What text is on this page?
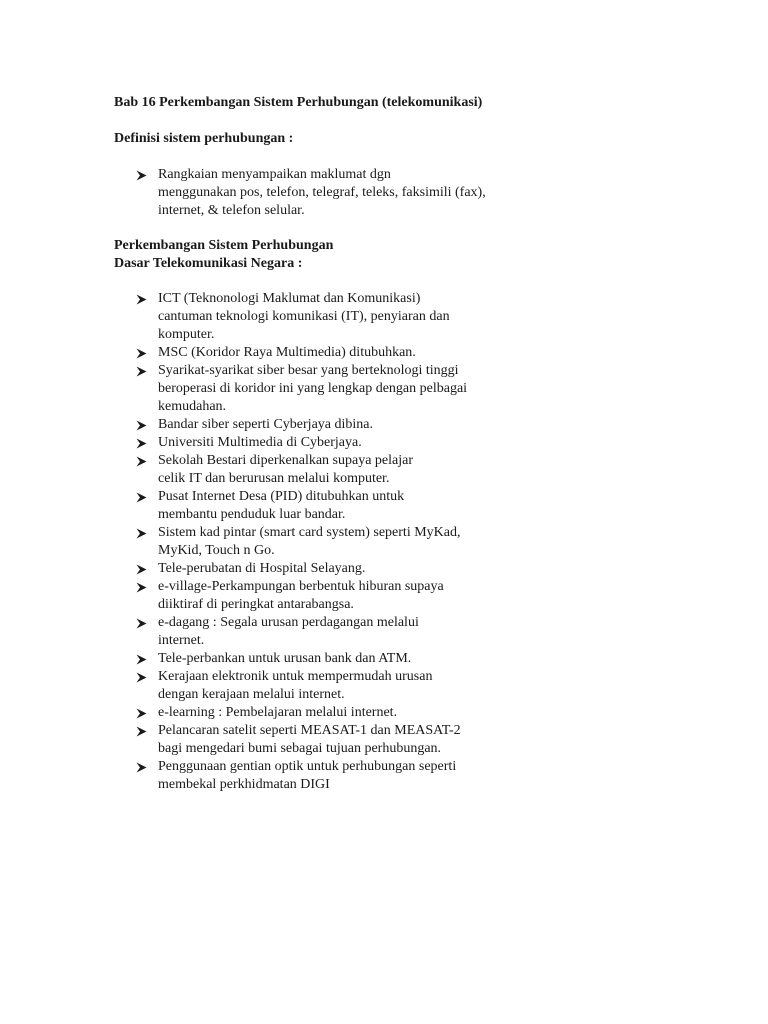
Bab 16 Perkembangan Sistem Perhubungan (telekomunikasi)
Definisi sistem perhubungan :
Rangkaian menyampaikan maklumat dgn
menggunakan pos, telefon, telegraf, teleks, faksimili (fax),
internet, & telefon selular.
Perkembangan Sistem Perhubungan
Dasar Telekomunikasi Negara :
ICT (Teknonologi Maklumat dan Komunikasi)
cantuman teknologi komunikasi (IT), penyiaran dan
komputer.
MSC (Koridor Raya Multimedia) ditubuhkan.
Syarikat-syarikat siber besar yang berteknologi tinggi
beroperasi di koridor ini yang lengkap dengan pelbagai
kemudahan.
Bandar siber seperti Cyberjaya dibina.
Universiti Multimedia di Cyberjaya.
Sekolah Bestari diperkenalkan supaya pelajar
celik IT dan berurusan melalui komputer.
Pusat Internet Desa (PID) ditubuhkan untuk
membantu penduduk luar bandar.
Sistem kad pintar (smart card system) seperti MyKad,
MyKid, Touch n Go.
Tele-perubatan di Hospital Selayang.
e-village-Perkampungan berbentuk hiburan supaya
diiktiraf di peringkat antarabangsa.
e-dagang : Segala urusan perdagangan melalui
internet.
Tele-perbankan untuk urusan bank dan ATM.
Kerajaan elektronik untuk mempermudah urusan
dengan kerajaan melalui internet.
e-learning : Pembelajaran melalui internet.
Pelancaran satelit seperti MEASAT-1 dan MEASAT-2
bagi mengedari bumi sebagai tujuan perhubungan.
Penggunaan gentian optik untuk perhubungan seperti
membekal perkhidmatan DIGI
